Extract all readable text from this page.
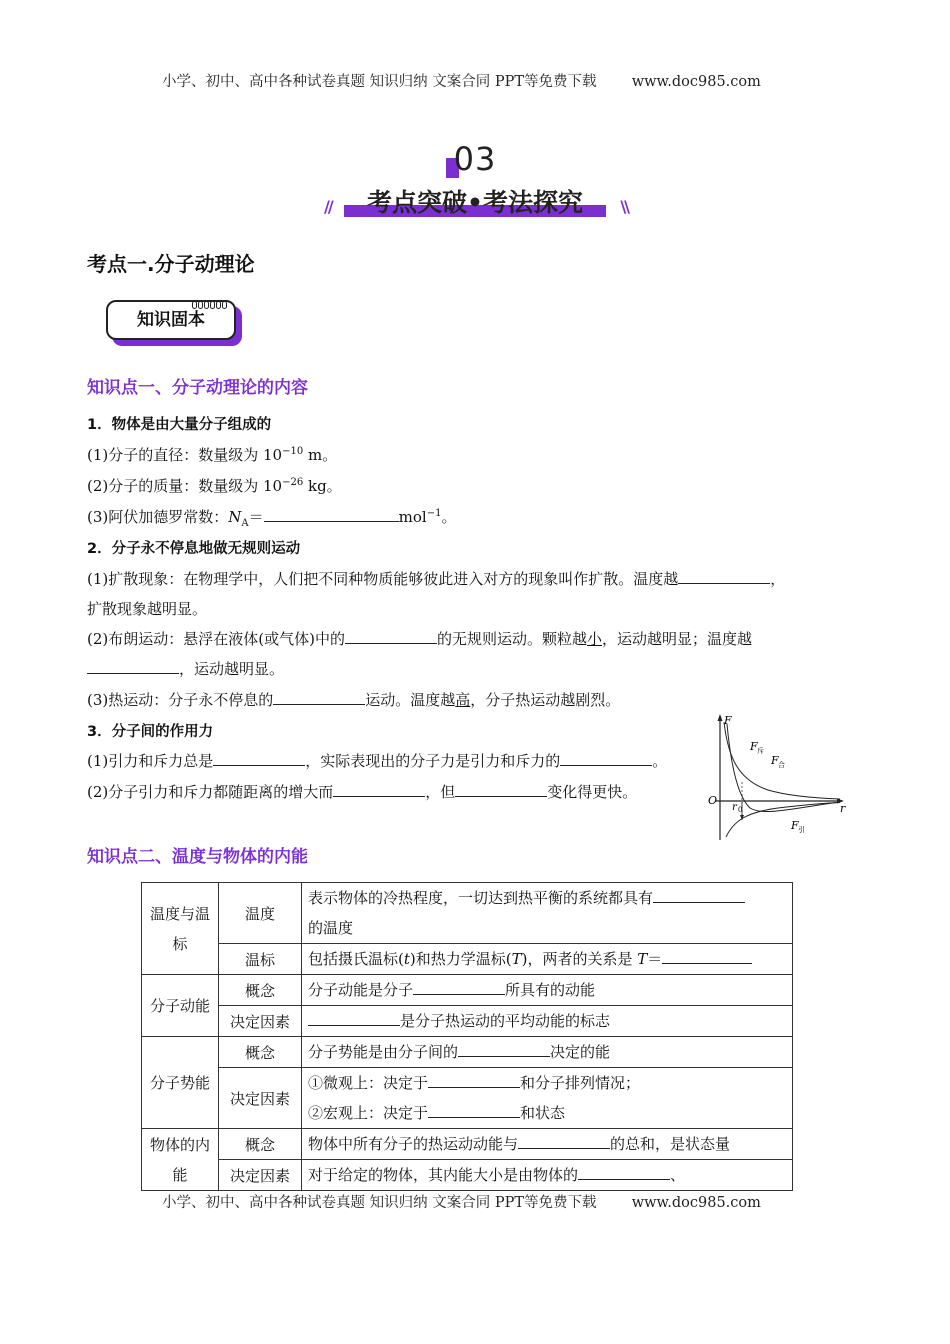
小学、初中、高中各种试卷真题 知识归纳 文案合同 PPT等免费下载 www.doc985.com
03
//	\\
考点突破•考法探究
考点一.分子动理论
知识固本
知识点一、分子动理论的内容
1．物体是由大量分子组成的
(1)分子的直径：数量级为 $10^{-10}$ m。
(2)分子的质量：数量级为 $10^{-26}$ kg。
(3)阿伏加德罗常数：$N_A=$	mol$^{-1}$。
2．分子永不停息地做无规则运动
(1)扩散现象：在物理学中，人们把不同种物质能够彼此进入对方的现象叫作扩散。温度越	，
扩散现象越明显。
(2)布朗运动：悬浮在液体(或气体)中的	的无规则运动。颗粒越小，运动越明显；温度越
，运动越明显。
(3)热运动：分子永不停息的	运动。温度越高，分子热运动越剧烈。
3．分子间的作用力
(1)引力和斥力总是	，实际表现出的分子力是引力和斥力的	。
(2)分子引力和斥力都随距离的增大而	，但	变化得更快。
F
O
r
r 0
F 斥
F 合
F 引
知识点二、温度与物体的内能
温度与温标	温度	表示物体的冷热程度，一切达到热平衡的系统都具有
的温度
	温标	包括摄氏温标(t)和热力学温标(T)，两者的关系是 T＝
分子动能	概念	分子动能是分子 所具有的动能
	决定因素	是分子热运动的平均动能的标志
分子势能	概念	分子势能是由分子间的 决定的能
	决定因素	①微观上：决定于 和分子排列情况；
②宏观上：决定于 和状态
物体的内能	概念	物体中所有分子的热运动动能与 的总和，是状态量
	决定因素	对于给定的物体，其内能大小是由物体的 、
小学、初中、高中各种试卷真题 知识归纳 文案合同 PPT等免费下载 www.doc985.com
